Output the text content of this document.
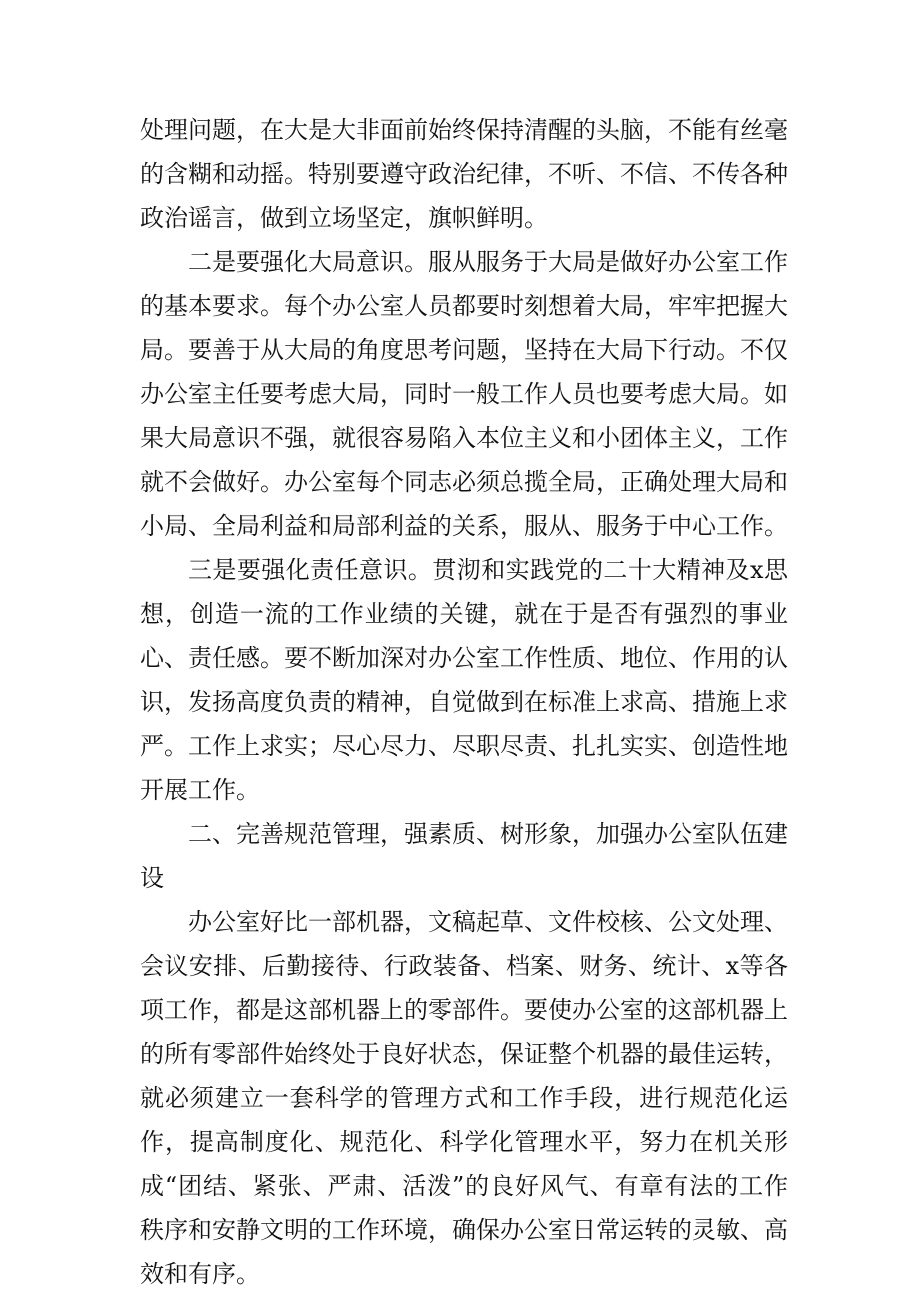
处理问题，在大是大非面前始终保持清醒的头脑，不能有丝毫的含糊和动摇。特别要遵守政治纪律，不听、不信、不传各种政治谣言，做到立场坚定，旗帜鲜明。

二是要强化大局意识。服从服务于大局是做好办公室工作的基本要求。每个办公室人员都要时刻想着大局，牢牢把握大局。要善于从大局的角度思考问题，坚持在大局下行动。不仅办公室主任要考虑大局，同时一般工作人员也要考虑大局。如果大局意识不强，就很容易陷入本位主义和小团体主义，工作就不会做好。办公室每个同志必须总揽全局，正确处理大局和小局、全局利益和局部利益的关系，服从、服务于中心工作。

三是要强化责任意识。贯沏和实践党的二十大精神及x思想，创造一流的工作业绩的关键，就在于是否有强烈的事业心、责任感。要不断加深对办公室工作性质、地位、作用的认识，发扬高度负责的精神，自觉做到在标准上求高、措施上求严。工作上求实；尽心尽力、尽职尽责、扎扎实实、创造性地开展工作。

二、完善规范管理，强素质、树形象，加强办公室队伍建设

办公室好比一部机器，文稿起草、文件校核、公文处理、会议安排、后勤接待、行政装备、档案、财务、统计、x等各项工作，都是这部机器上的零部件。要使办公室的这部机器上的所有零部件始终处于良好状态，保证整个机器的最佳运转，就必须建立一套科学的管理方式和工作手段，进行规范化运作，提高制度化、规范化、科学化管理水平，努力在机关形成“团结、紧张、严肃、活泼”的良好风气、有章有法的工作秩序和安静文明的工作环境，确保办公室日常运转的灵敏、高效和有序。
